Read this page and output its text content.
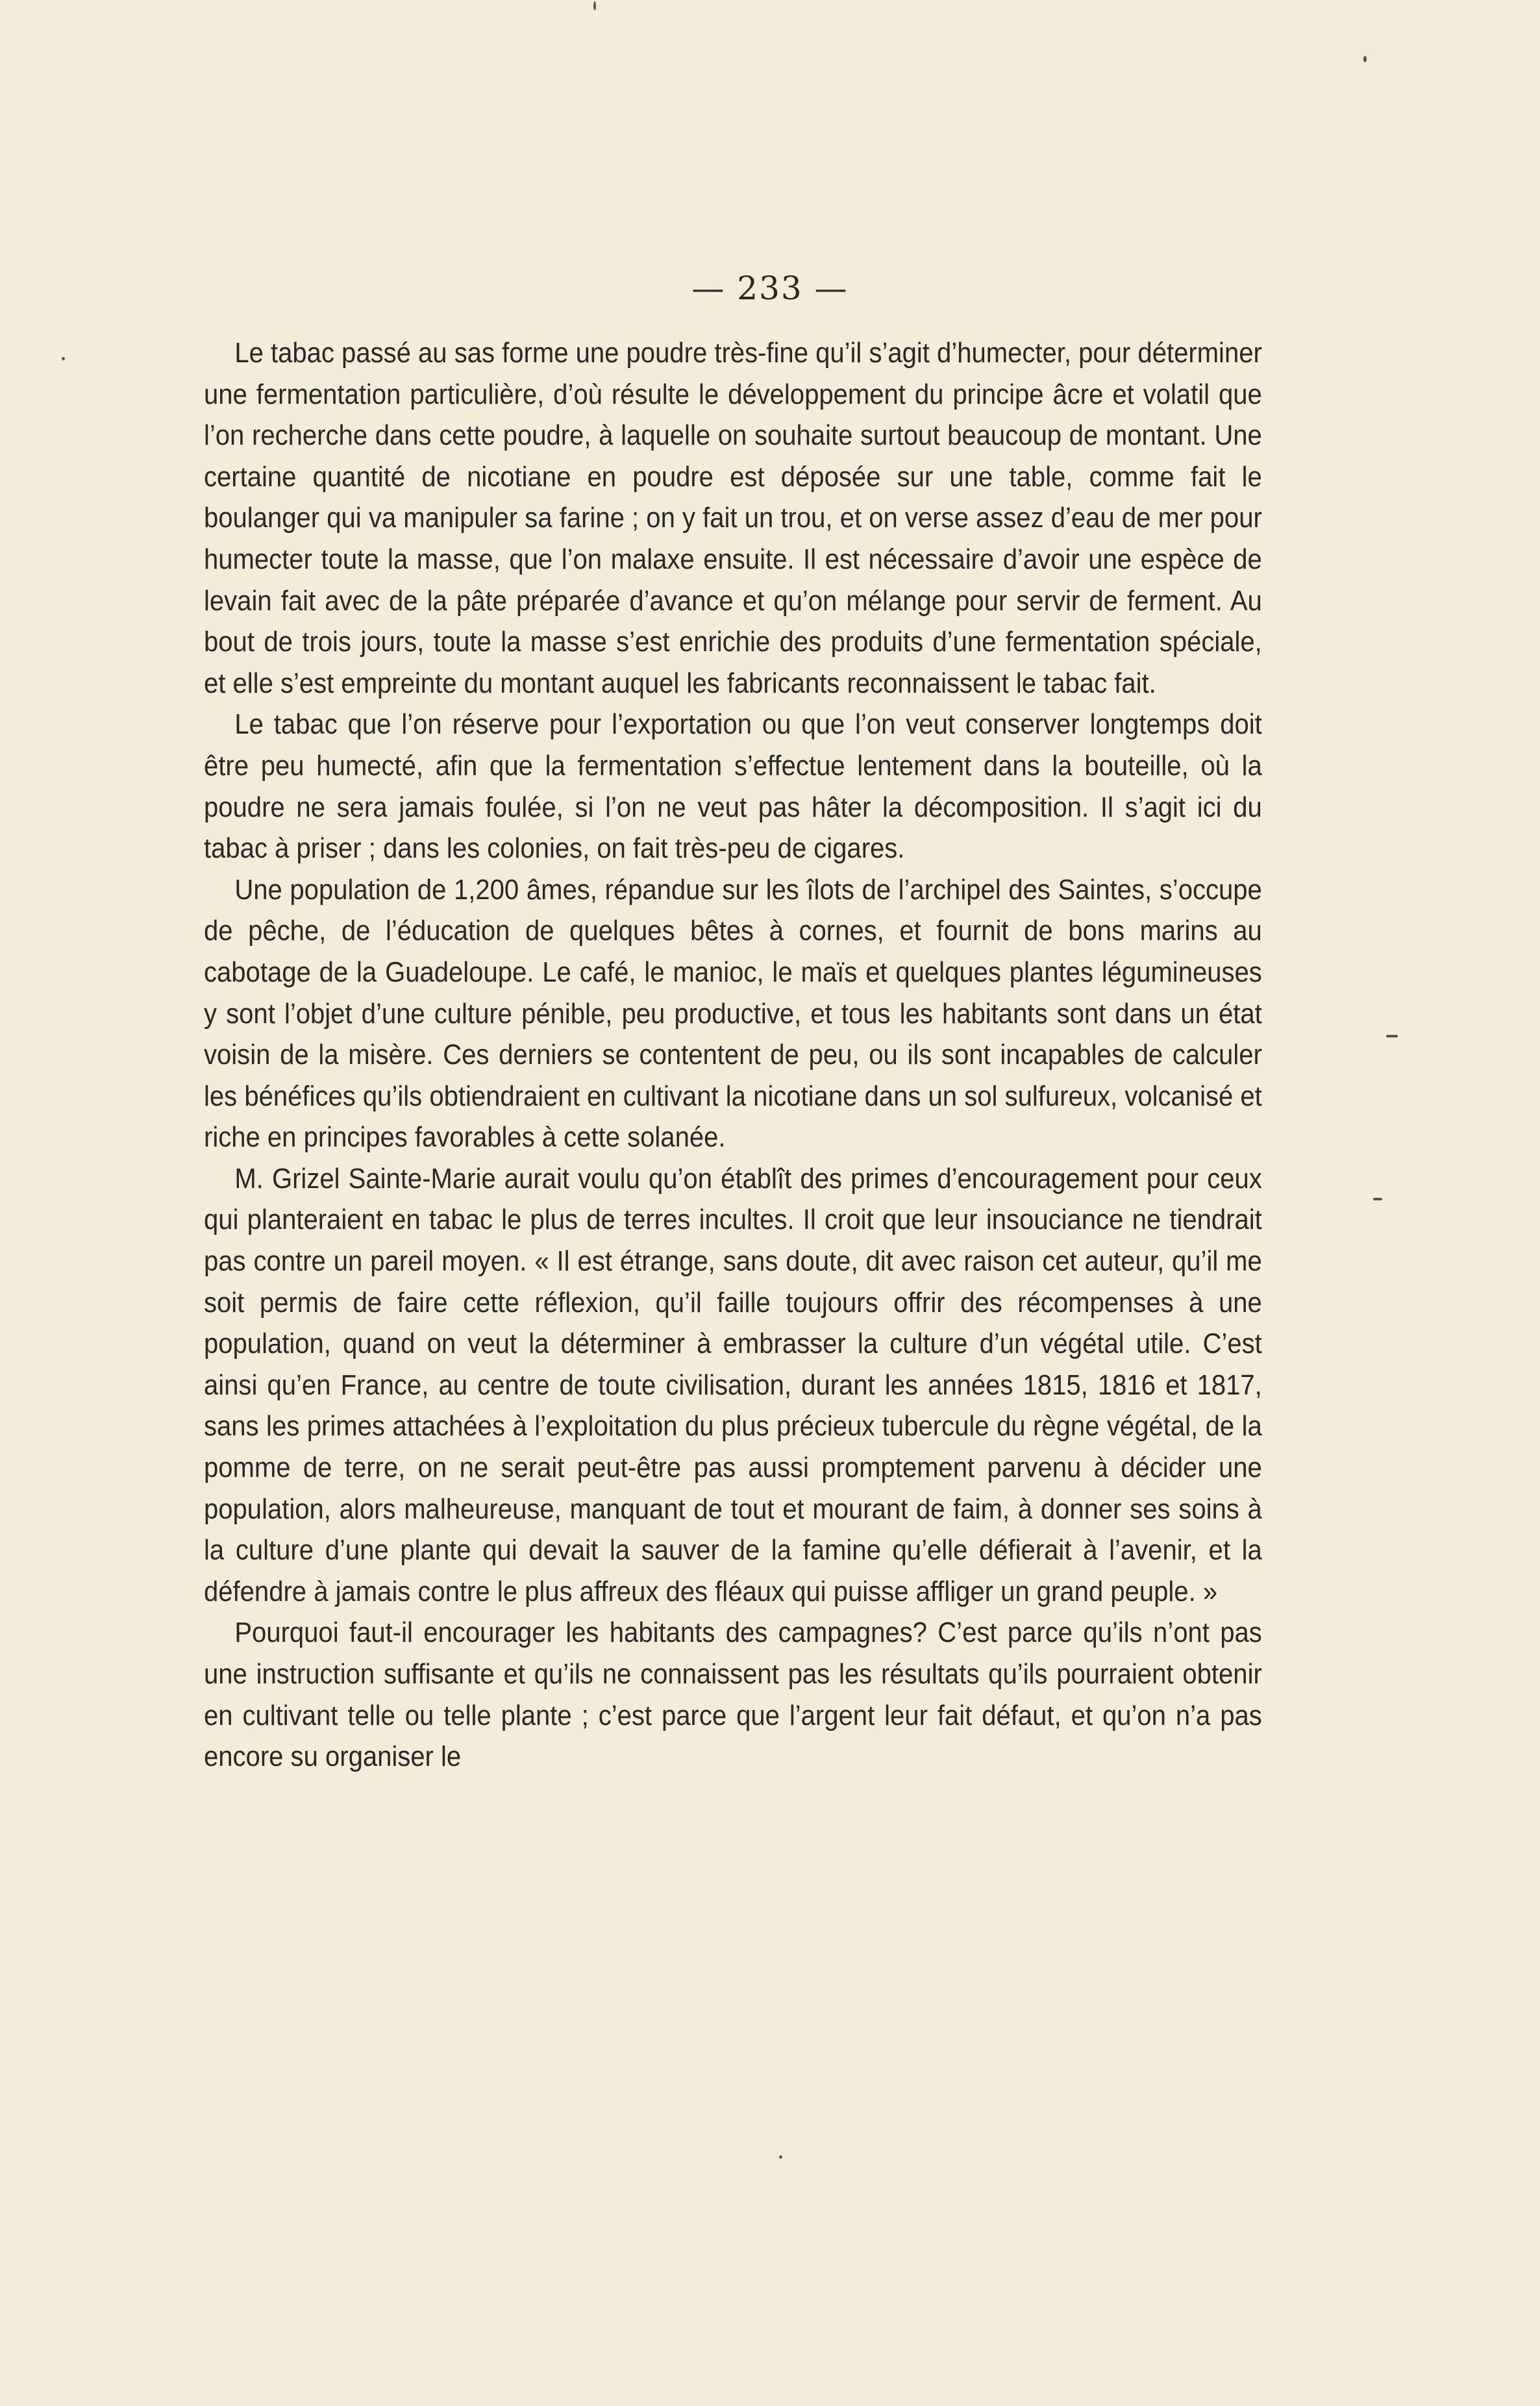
— 233 —

Le tabac passé au sas forme une poudre très-fine qu’il s’agit d’humecter, pour déterminer une fermentation particulière, d’où résulte le développement du principe âcre et volatil que l’on recherche dans cette poudre, à laquelle on souhaite surtout beaucoup de montant. Une certaine quantité de nicotiane en poudre est déposée sur une table, comme fait le boulanger qui va manipuler sa farine ; on y fait un trou, et on verse assez d’eau de mer pour humecter toute la masse, que l’on malaxe ensuite. Il est nécessaire d’avoir une espèce de levain fait avec de la pâte préparée d’avance et qu’on mélange pour servir de ferment. Au bout de trois jours, toute la masse s’est enrichie des produits d’une fermentation spéciale, et elle s’est empreinte du montant auquel les fabricants reconnaissent le tabac fait.

Le tabac que l’on réserve pour l’exportation ou que l’on veut conserver longtemps doit être peu humecté, afin que la fermentation s’effectue lentement dans la bouteille, où la poudre ne sera jamais foulée, si l’on ne veut pas hâter la décomposition. Il s’agit ici du tabac à priser ; dans les colonies, on fait très-peu de cigares.

Une population de 1,200 âmes, répandue sur les îlots de l’archipel des Saintes, s’occupe de pêche, de l’éducation de quelques bêtes à cornes, et fournit de bons marins au cabotage de la Guadeloupe. Le café, le manioc, le maïs et quelques plantes légumineuses y sont l’objet d’une culture pénible, peu productive, et tous les habitants sont dans un état voisin de la misère. Ces derniers se contentent de peu, ou ils sont incapables de calculer les bénéfices qu’ils obtiendraient en cultivant la nicotiane dans un sol sulfureux, volcanisé et riche en principes favorables à cette solanée.

M. Grizel Sainte-Marie aurait voulu qu’on établît des primes d’encouragement pour ceux qui planteraient en tabac le plus de terres incultes. Il croit que leur insouciance ne tiendrait pas contre un pareil moyen. « Il est étrange, sans doute, dit avec raison cet auteur, qu’il me soit permis de faire cette réflexion, qu’il faille toujours offrir des récompenses à une population, quand on veut la déterminer à embrasser la culture d’un végétal utile. C’est ainsi qu’en France, au centre de toute civilisation, durant les années 1815, 1816 et 1817, sans les primes attachées à l’exploitation du plus précieux tubercule du règne végétal, de la pomme de terre, on ne serait peut-être pas aussi promptement parvenu à décider une population, alors malheureuse, manquant de tout et mourant de faim, à donner ses soins à la culture d’une plante qui devait la sauver de la famine qu’elle défierait à l’avenir, et la défendre à jamais contre le plus affreux des fléaux qui puisse affliger un grand peuple. »

Pourquoi faut-il encourager les habitants des campagnes? C’est parce qu’ils n’ont pas une instruction suffisante et qu’ils ne connaissent pas les résultats qu’ils pourraient obtenir en cultivant telle ou telle plante ; c’est parce que l’argent leur fait défaut, et qu’on n’a pas encore su organiser le
